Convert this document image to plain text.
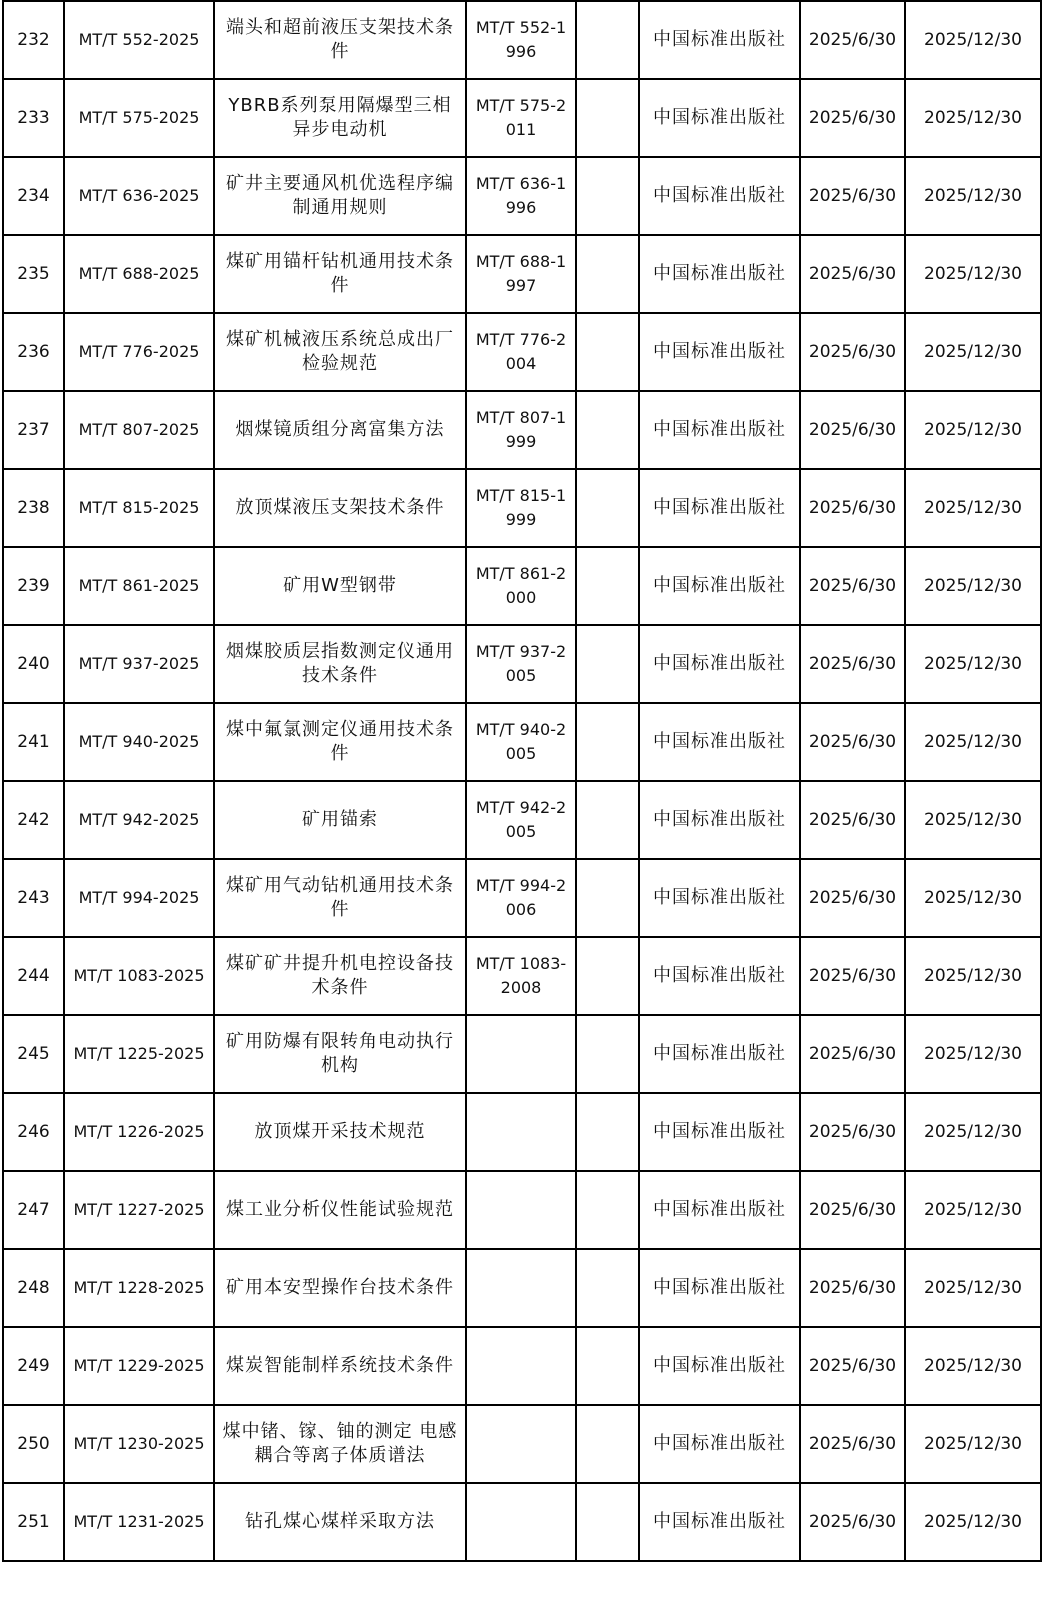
232	MT/T 552-2025	端头和超前液压支架技术条件	MT/T 552-1996		中国标准出版社	2025/6/30	2025/12/30
233	MT/T 575-2025	YBRB系列泵用隔爆型三相异步电动机	MT/T 575-2011		中国标准出版社	2025/6/30	2025/12/30
234	MT/T 636-2025	矿井主要通风机优选程序编制通用规则	MT/T 636-1996		中国标准出版社	2025/6/30	2025/12/30
235	MT/T 688-2025	煤矿用锚杆钻机通用技术条件	MT/T 688-1997		中国标准出版社	2025/6/30	2025/12/30
236	MT/T 776-2025	煤矿机械液压系统总成出厂检验规范	MT/T 776-2004		中国标准出版社	2025/6/30	2025/12/30
237	MT/T 807-2025	烟煤镜质组分离富集方法	MT/T 807-1999		中国标准出版社	2025/6/30	2025/12/30
238	MT/T 815-2025	放顶煤液压支架技术条件	MT/T 815-1999		中国标准出版社	2025/6/30	2025/12/30
239	MT/T 861-2025	矿用W型钢带	MT/T 861-2000		中国标准出版社	2025/6/30	2025/12/30
240	MT/T 937-2025	烟煤胶质层指数测定仪通用技术条件	MT/T 937-2005		中国标准出版社	2025/6/30	2025/12/30
241	MT/T 940-2025	煤中氟氯测定仪通用技术条件	MT/T 940-2005		中国标准出版社	2025/6/30	2025/12/30
242	MT/T 942-2025	矿用锚索	MT/T 942-2005		中国标准出版社	2025/6/30	2025/12/30
243	MT/T 994-2025	煤矿用气动钻机通用技术条件	MT/T 994-2006		中国标准出版社	2025/6/30	2025/12/30
244	MT/T 1083-2025	煤矿矿井提升机电控设备技术条件	MT/T 1083-2008		中国标准出版社	2025/6/30	2025/12/30
245	MT/T 1225-2025	矿用防爆有限转角电动执行机构			中国标准出版社	2025/6/30	2025/12/30
246	MT/T 1226-2025	放顶煤开采技术规范			中国标准出版社	2025/6/30	2025/12/30
247	MT/T 1227-2025	煤工业分析仪性能试验规范			中国标准出版社	2025/6/30	2025/12/30
248	MT/T 1228-2025	矿用本安型操作台技术条件			中国标准出版社	2025/6/30	2025/12/30
249	MT/T 1229-2025	煤炭智能制样系统技术条件			中国标准出版社	2025/6/30	2025/12/30
250	MT/T 1230-2025	煤中锗、镓、铀的测定 电感耦合等离子体质谱法			中国标准出版社	2025/6/30	2025/12/30
251	MT/T 1231-2025	钻孔煤心煤样采取方法			中国标准出版社	2025/6/30	2025/12/30
